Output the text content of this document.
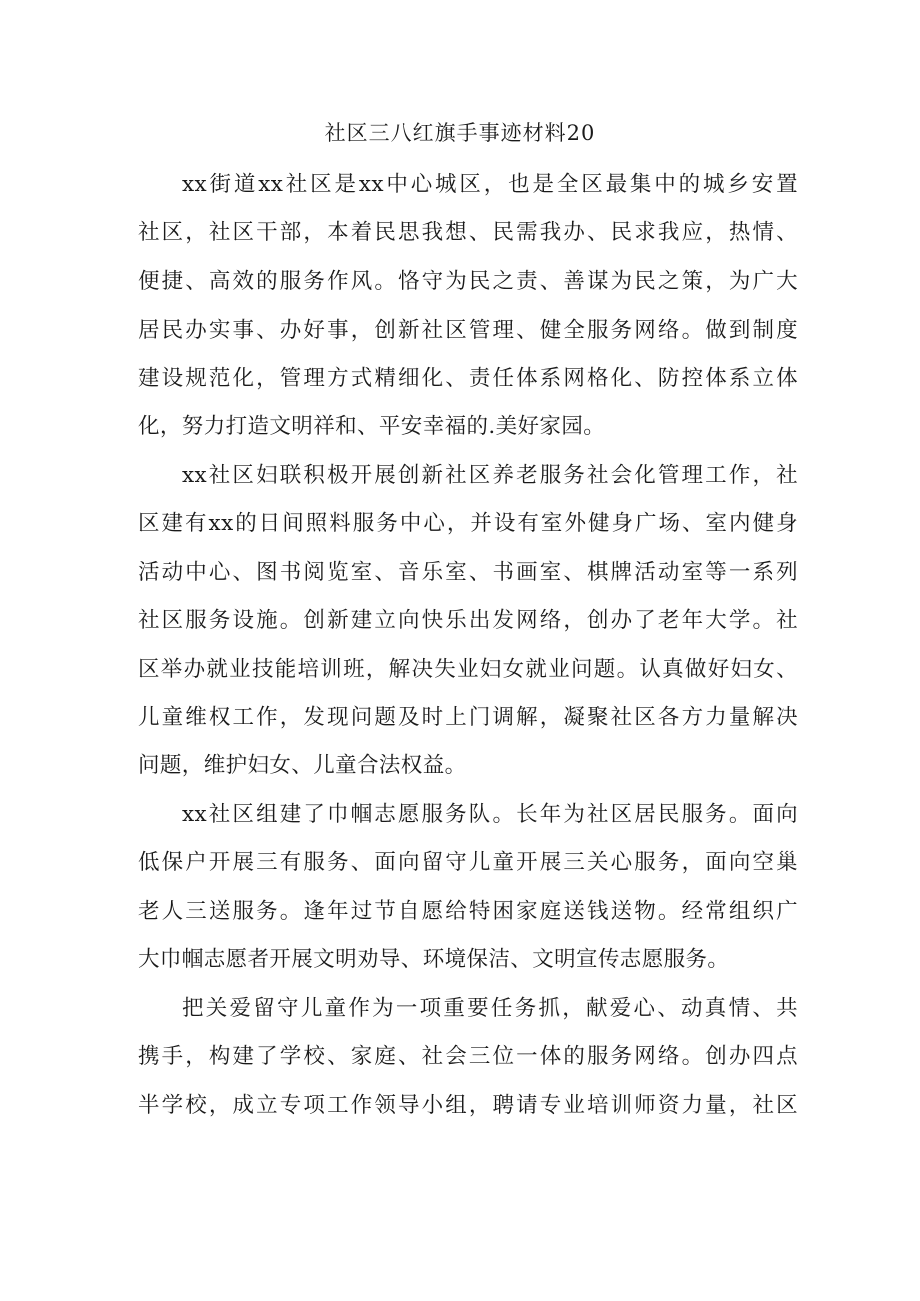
社区三八红旗手事迹材料20
xx街道xx社区是xx中心城区，也是全区最集中的城乡安置
社区，社区干部，本着民思我想、民需我办、民求我应，热情、
便捷、高效的服务作风。恪守为民之责、善谋为民之策，为广大
居民办实事、办好事，创新社区管理、健全服务网络。做到制度
建设规范化，管理方式精细化、责任体系网格化、防控体系立体
化，努力打造文明祥和、平安幸福的.美好家园。
xx社区妇联积极开展创新社区养老服务社会化管理工作，社
区建有xx的日间照料服务中心，并设有室外健身广场、室内健身
活动中心、图书阅览室、音乐室、书画室、棋牌活动室等一系列
社区服务设施。创新建立向快乐出发网络，创办了老年大学。社
区举办就业技能培训班，解决失业妇女就业问题。认真做好妇女、
儿童维权工作，发现问题及时上门调解，凝聚社区各方力量解决
问题，维护妇女、儿童合法权益。
xx社区组建了巾帼志愿服务队。长年为社区居民服务。面向
低保户开展三有服务、面向留守儿童开展三关心服务，面向空巢
老人三送服务。逢年过节自愿给特困家庭送钱送物。经常组织广
大巾帼志愿者开展文明劝导、环境保洁、文明宣传志愿服务。
把关爱留守儿童作为一项重要任务抓，献爱心、动真情、共
携手，构建了学校、家庭、社会三位一体的服务网络。创办四点
半学校，成立专项工作领导小组，聘请专业培训师资力量，社区
